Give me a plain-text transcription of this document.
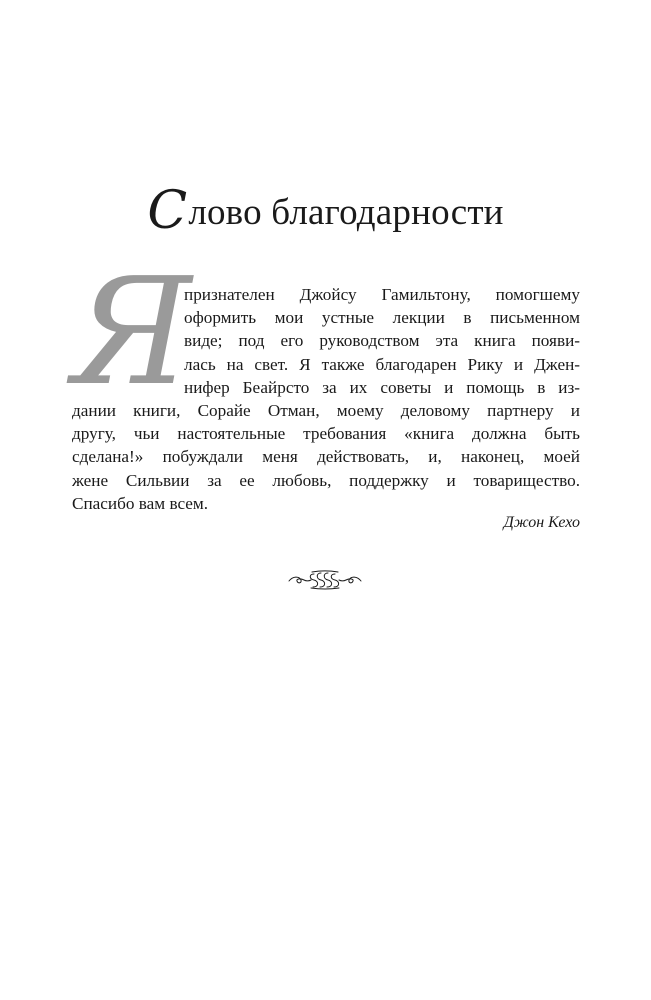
Слово благодарности
Я
признателен Джойсу Гамильтону, помогшему
оформить мои устные лекции в письменном
виде; под его руководством эта книга появи-
лась на свет. Я также благодарен Рику и Джен-
нифер Беайрсто за их советы и помощь в из-
дании книги, Сорайе Отман, моему деловому партнеру и
другу, чьи настоятельные требования «книга должна быть
сделана!» побуждали меня действовать, и, наконец, моей
жене Сильвии за ее любовь, поддержку и товарищество.
Спасибо вам всем.
Джон Кехо
